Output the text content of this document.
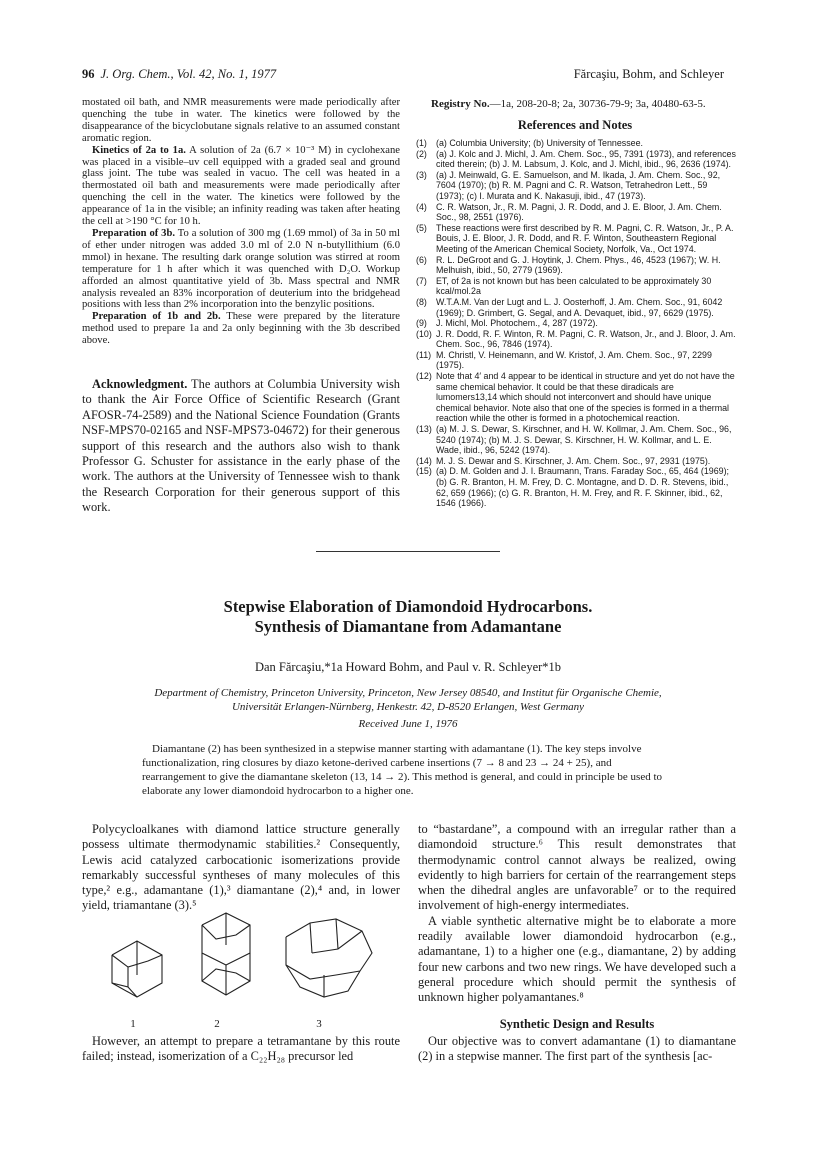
96 J. Org. Chem., Vol. 42, No. 1, 1977	Fărcaşiu, Bohm, and Schleyer

mostated oil bath, and NMR measurements were made periodically after quenching the tube in water. The kinetics were followed by the disappearance of the bicyclobutane signals relative to an assumed constant aromatic region.

Kinetics of 2a to 1a. A solution of 2a (6.7 × 10⁻³ M) in cyclohexane was placed in a visible–uv cell equipped with a graded seal and ground glass joint. The tube was sealed in vacuo. The cell was heated in a thermostated oil bath and measurements were made periodically after quenching the cell in the water. The kinetics were followed by the appearance of 1a in the visible; an infinity reading was taken after heating the cell at >190 °C for 10 h.

Preparation of 3b. To a solution of 300 mg (1.69 mmol) of 3a in 50 ml of ether under nitrogen was added 3.0 ml of 2.0 N n-butyllithium (6.0 mmol) in hexane. The resulting dark orange solution was stirred at room temperature for 1 h after which it was quenched with D₂O. Workup afforded an almost quantitative yield of 3b. Mass spectral and NMR analysis revealed an 83% incorporation of deuterium into the bridgehead positions with less than 2% incorporation into the benzylic positions.

Preparation of 1b and 2b. These were prepared by the literature method used to prepare 1a and 2a only beginning with the 3b described above.

Acknowledgment. The authors at Columbia University wish to thank the Air Force Office of Scientific Research (Grant AFOSR-74-2589) and the National Science Foundation (Grants NSF-MPS70-02165 and NSF-MPS73-04672) for their generous support of this research and the authors also wish to thank Professor G. Schuster for assistance in the early phase of the work. The authors at the University of Tennessee wish to thank the Research Corporation for their generous support of this work.

Registry No.—1a, 208-20-8; 2a, 30736-79-9; 3a, 40480-63-5.
References and Notes
(1)	(a) Columbia University; (b) University of Tennessee.
(2)	(a) J. Kolc and J. Michl, J. Am. Chem. Soc., 95, 7391 (1973), and references cited therein; (b) J. M. Labsum, J. Kolc, and J. Michl, ibid., 96, 2636 (1974).
(3)	(a) J. Meinwald, G. E. Samuelson, and M. Ikada, J. Am. Chem. Soc., 92, 7604 (1970); (b) R. M. Pagni and C. R. Watson, Tetrahedron Lett., 59 (1973); (c) I. Murata and K. Nakasuji, ibid., 47 (1973).
(4)	C. R. Watson, Jr., R. M. Pagni, J. R. Dodd, and J. E. Bloor, J. Am. Chem. Soc., 98, 2551 (1976).
(5)	These reactions were first described by R. M. Pagni, C. R. Watson, Jr., P. A. Bouis, J. E. Bloor, J. R. Dodd, and R. F. Winton, Southeastern Regional Meeting of the American Chemical Society, Norfolk, Va., Oct 1974.
(6)	R. L. DeGroot and G. J. Hoytink, J. Chem. Phys., 46, 4523 (1967); W. H. Melhuish, ibid., 50, 2779 (1969).
(7)	ET, of 2a is not known but has been calculated to be approximately 30 kcal/mol.2a
(8)	W.T.A.M. Van der Lugt and L. J. Oosterhoff, J. Am. Chem. Soc., 91, 6042 (1969); D. Grimbert, G. Segal, and A. Devaquet, ibid., 97, 6629 (1975).
(9)	J. Michl, Mol. Photochem., 4, 287 (1972).
(10) J. R. Dodd, R. F. Winton, R. M. Pagni, C. R. Watson, Jr., and J. Bloor, J. Am. Chem. Soc., 96, 7846 (1974).
(11) M. Christl, V. Heinemann, and W. Kristof, J. Am. Chem. Soc., 97, 2299 (1975).
(12) Note that 4′ and 4 appear to be identical in structure and yet do not have the same chemical behavior. It could be that these diradicals are lumomers13,14 which should not interconvert and should have unique chemical behavior. Note also that one of the species is formed in a thermal reaction while the other is formed in a photochemical reaction.
(13) (a) M. J. S. Dewar, S. Kirschner, and H. W. Kollmar, J. Am. Chem. Soc., 96, 5240 (1974); (b) M. J. S. Dewar, S. Kirschner, H. W. Kollmar, and L. E. Wade, ibid., 96, 5242 (1974).
(14) M. J. S. Dewar and S. Kirschner, J. Am. Chem. Soc., 97, 2931 (1975).
(15) (a) D. M. Golden and J. I. Braumann, Trans. Faraday Soc., 65, 464 (1969); (b) G. R. Branton, H. M. Frey, D. C. Montagne, and D. D. R. Stevens, ibid., 62, 659 (1966); (c) G. R. Branton, H. M. Frey, and R. F. Skinner, ibid., 62, 1546 (1966).
Stepwise Elaboration of Diamondoid Hydrocarbons.
Synthesis of Diamantane from Adamantane
Dan Fărcaşiu,*1a Howard Bohm, and Paul v. R. Schleyer*1b
Department of Chemistry, Princeton University, Princeton, New Jersey 08540, and Institut für Organische Chemie,
Universität Erlangen-Nürnberg, Henkestr. 42, D-8520 Erlangen, West Germany
Received June 1, 1976

Diamantane (2) has been synthesized in a stepwise manner starting with adamantane (1). The key steps involve functionalization, ring closures by diazo ketone-derived carbene insertions (7 → 8 and 23 → 24 + 25), and rearrangement to give the diamantane skeleton (13, 14 → 2). This method is general, and could in principle be used to elaborate any lower diamondoid hydrocarbon to a higher one.

Polycycloalkanes with diamond lattice structure generally possess ultimate thermodynamic stabilities.² Consequently, Lewis acid catalyzed carbocationic isomerizations provide remarkably successful syntheses of many molecules of this type,² e.g., adamantane (1),³ diamantane (2),⁴ and, in lower yield, triamantane (3).⁵

1	2	3

However, an attempt to prepare a tetramantane by this route failed; instead, isomerization of a C₂₂H₂₈ precursor led

to “bastardane”, a compound with an irregular rather than a diamondoid structure.⁶ This result demonstrates that thermodynamic control cannot always be realized, owing evidently to high barriers for certain of the rearrangement steps when the dihedral angles are unfavorable⁷ or to the required involvement of high-energy intermediates.

A viable synthetic alternative might be to elaborate a more readily available lower diamondoid hydrocarbon (e.g., adamantane, 1) to a higher one (e.g., diamantane, 2) by adding four new carbons and two new rings. We have developed such a general procedure which should permit the synthesis of unknown higher polyamantanes.⁸

Synthetic Design and Results

Our objective was to convert adamantane (1) to diamantane (2) in a stepwise manner. The first part of the synthesis [ac-
